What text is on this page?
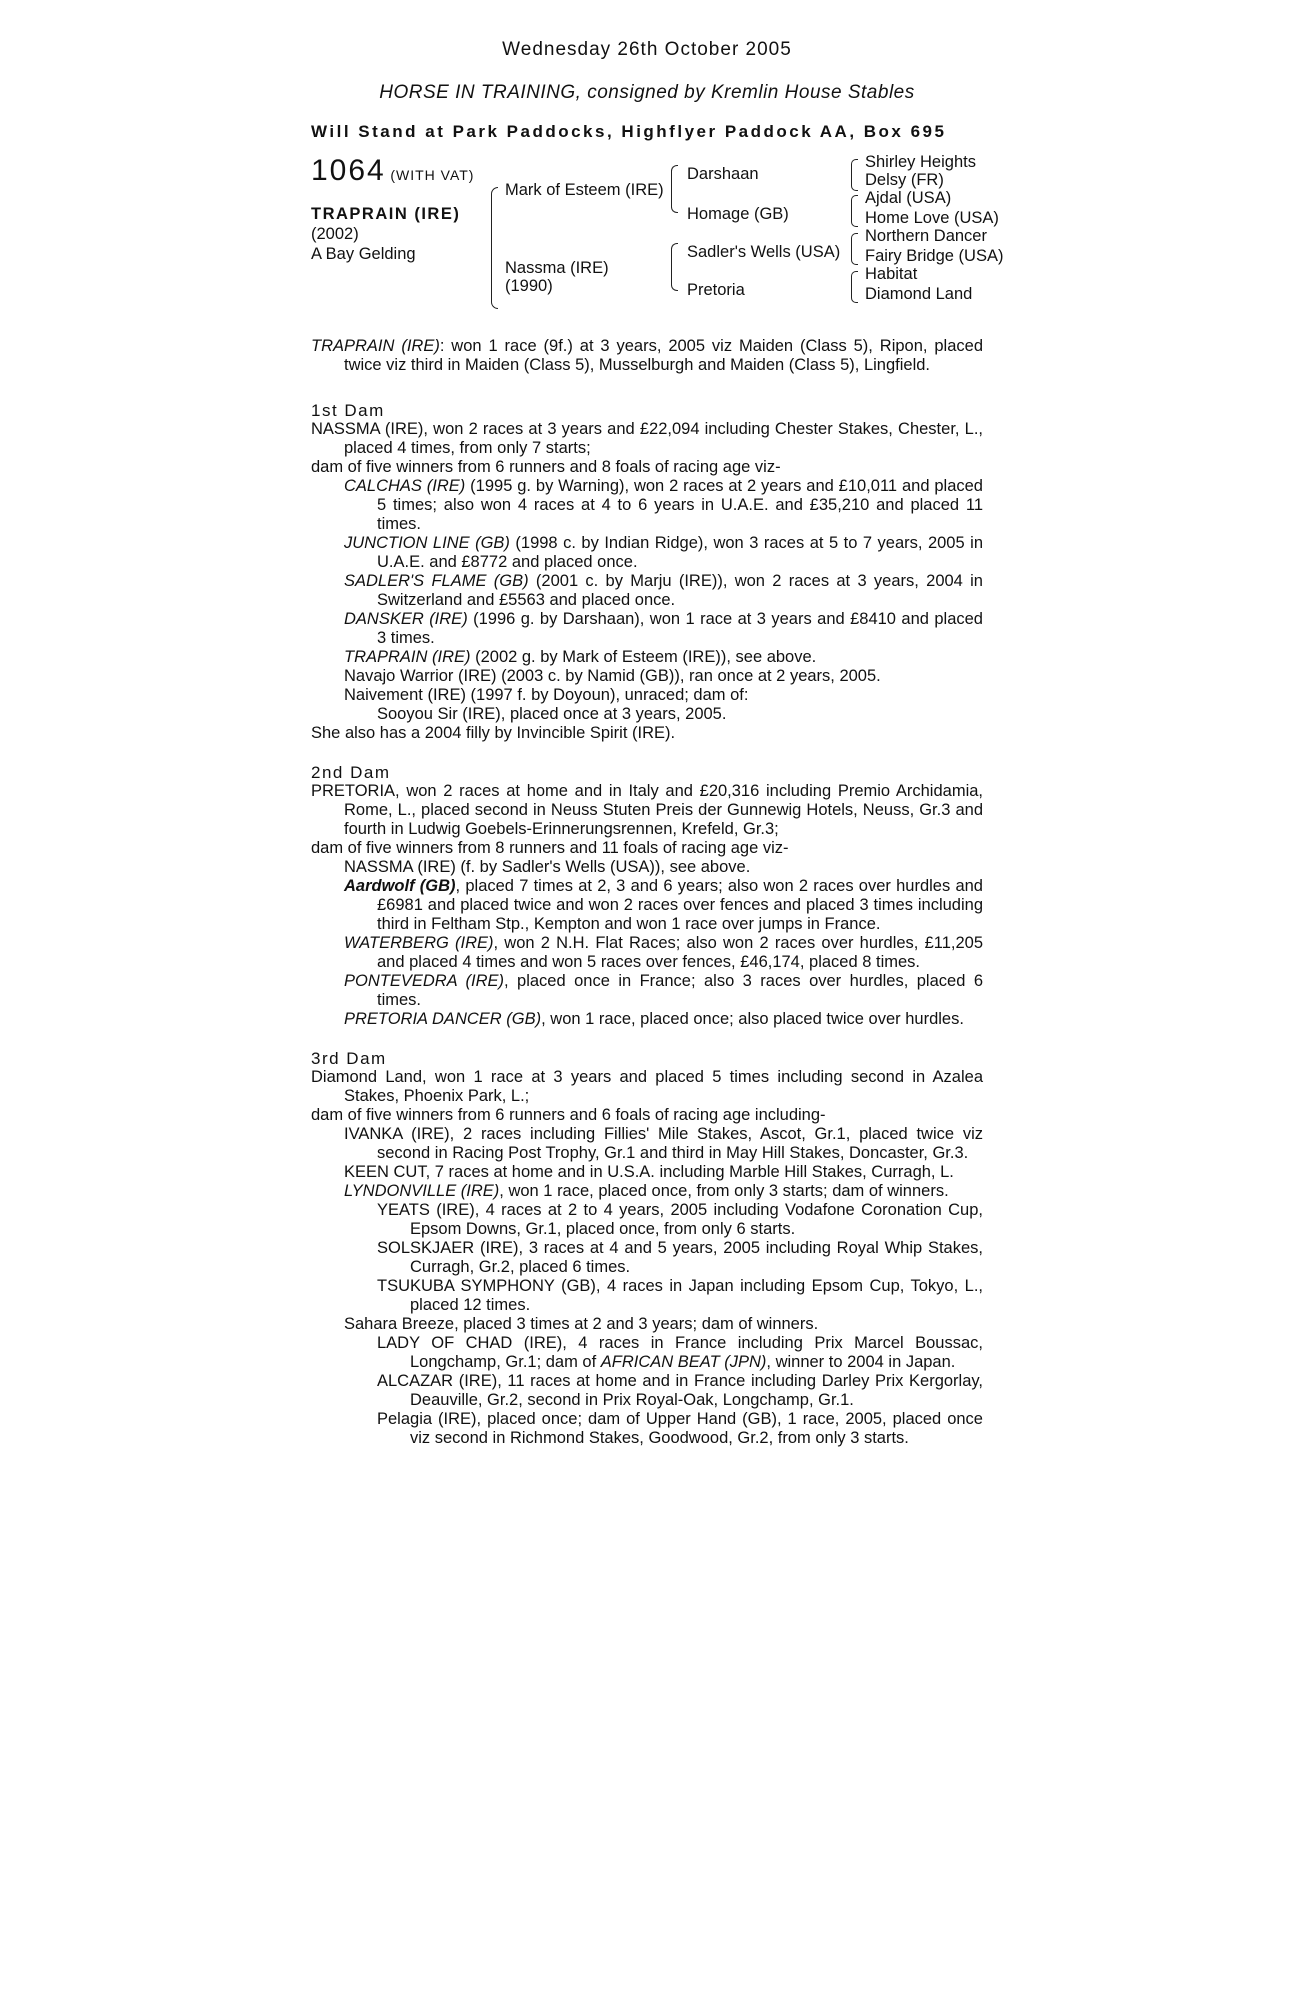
Wednesday 26th October 2005
HORSE IN TRAINING, consigned by Kremlin House Stables
Will Stand at Park Paddocks, Highflyer Paddock AA, Box 695
1064 (WITH VAT)
TRAPRAIN (IRE)
(2002)
A Bay Gelding
Mark of Esteem (IRE)
Nassma (IRE)
(1990)
Darshaan
Homage (GB)
Sadler's Wells (USA)
Pretoria
Shirley Heights
Delsy (FR)
Ajdal (USA)
Home Love (USA)
Northern Dancer
Fairy Bridge (USA)
Habitat
Diamond Land

TRAPRAIN (IRE): won 1 race (9f.) at 3 years, 2005 viz Maiden (Class 5), Ripon, placed twice viz third in Maiden (Class 5), Musselburgh and Maiden (Class 5), Lingfield.

1st Dam

NASSMA (IRE), won 2 races at 3 years and £22,094 including Chester Stakes, Chester, L., placed 4 times, from only 7 starts;

dam of five winners from 6 runners and 8 foals of racing age viz-

CALCHAS (IRE) (1995 g. by Warning), won 2 races at 2 years and £10,011 and placed 5 times; also won 4 races at 4 to 6 years in U.A.E. and £35,210 and placed 11 times.

JUNCTION LINE (GB) (1998 c. by Indian Ridge), won 3 races at 5 to 7 years, 2005 in U.A.E. and £8772 and placed once.

SADLER'S FLAME (GB) (2001 c. by Marju (IRE)), won 2 races at 3 years, 2004 in Switzerland and £5563 and placed once.

DANSKER (IRE) (1996 g. by Darshaan), won 1 race at 3 years and £8410 and placed 3 times.

TRAPRAIN (IRE) (2002 g. by Mark of Esteem (IRE)), see above.

Navajo Warrior (IRE) (2003 c. by Namid (GB)), ran once at 2 years, 2005.

Naivement (IRE) (1997 f. by Doyoun), unraced; dam of:

Sooyou Sir (IRE), placed once at 3 years, 2005.

She also has a 2004 filly by Invincible Spirit (IRE).

2nd Dam

PRETORIA, won 2 races at home and in Italy and £20,316 including Premio Archidamia, Rome, L., placed second in Neuss Stuten Preis der Gunnewig Hotels, Neuss, Gr.3 and fourth in Ludwig Goebels-Erinnerungsrennen, Krefeld, Gr.3;

dam of five winners from 8 runners and 11 foals of racing age viz-

NASSMA (IRE) (f. by Sadler's Wells (USA)), see above.

Aardwolf (GB), placed 7 times at 2, 3 and 6 years; also won 2 races over hurdles and £6981 and placed twice and won 2 races over fences and placed 3 times including third in Feltham Stp., Kempton and won 1 race over jumps in France.

WATERBERG (IRE), won 2 N.H. Flat Races; also won 2 races over hurdles, £11,205 and placed 4 times and won 5 races over fences, £46,174, placed 8 times.

PONTEVEDRA (IRE), placed once in France; also 3 races over hurdles, placed 6 times.

PRETORIA DANCER (GB), won 1 race, placed once; also placed twice over hurdles.

3rd Dam

Diamond Land, won 1 race at 3 years and placed 5 times including second in Azalea Stakes, Phoenix Park, L.;

dam of five winners from 6 runners and 6 foals of racing age including-

IVANKA (IRE), 2 races including Fillies' Mile Stakes, Ascot, Gr.1, placed twice viz second in Racing Post Trophy, Gr.1 and third in May Hill Stakes, Doncaster, Gr.3.

KEEN CUT, 7 races at home and in U.S.A. including Marble Hill Stakes, Curragh, L.

LYNDONVILLE (IRE), won 1 race, placed once, from only 3 starts; dam of winners.

YEATS (IRE), 4 races at 2 to 4 years, 2005 including Vodafone Coronation Cup, Epsom Downs, Gr.1, placed once, from only 6 starts.

SOLSKJAER (IRE), 3 races at 4 and 5 years, 2005 including Royal Whip Stakes, Curragh, Gr.2, placed 6 times.

TSUKUBA SYMPHONY (GB), 4 races in Japan including Epsom Cup, Tokyo, L., placed 12 times.

Sahara Breeze, placed 3 times at 2 and 3 years; dam of winners.

LADY OF CHAD (IRE), 4 races in France including Prix Marcel Boussac, Longchamp, Gr.1; dam of AFRICAN BEAT (JPN), winner to 2004 in Japan.

ALCAZAR (IRE), 11 races at home and in France including Darley Prix Kergorlay, Deauville, Gr.2, second in Prix Royal-Oak, Longchamp, Gr.1.

Pelagia (IRE), placed once; dam of Upper Hand (GB), 1 race, 2005, placed once viz second in Richmond Stakes, Goodwood, Gr.2, from only 3 starts.
